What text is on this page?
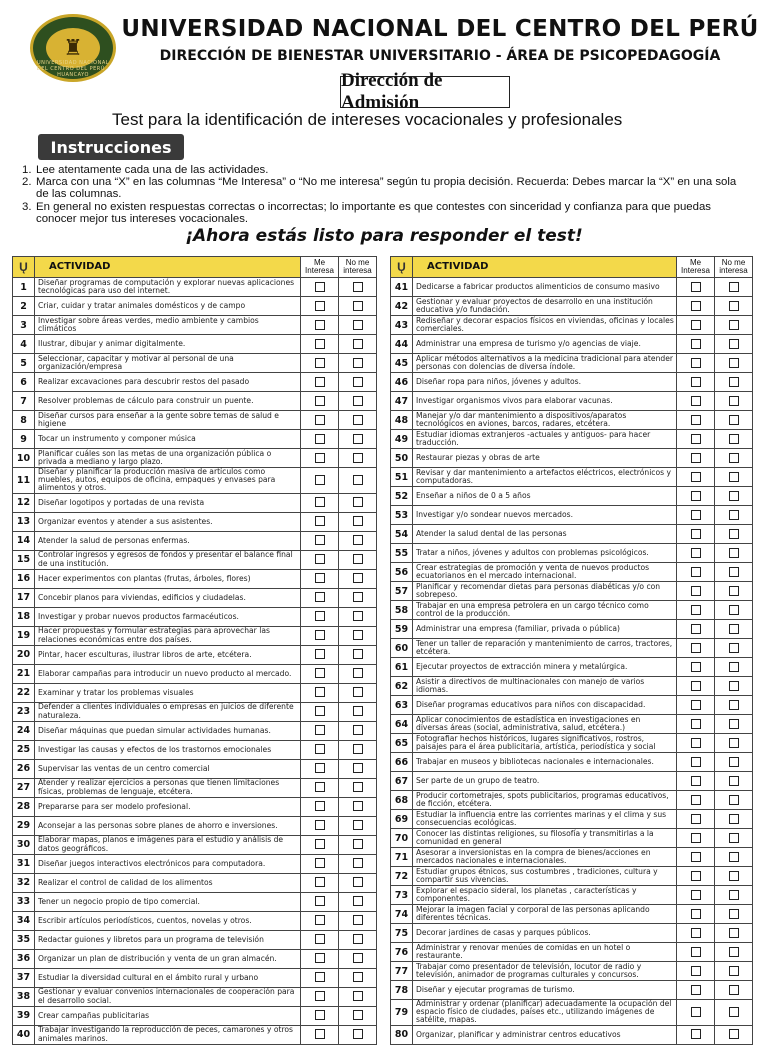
♜
UNIVERSIDAD NACIONAL DEL CENTRO DEL PERÚ · HUANCAYO
UNIVERSIDAD NACIONAL DEL CENTRO DEL PERÚ
DIRECCIÓN DE BIENESTAR UNIVERSITARIO - ÁREA DE PSICOPEDAGOGÍA
Dirección de Admisión
Test para la identificación de intereses vocacionales y profesionales
Instrucciones
1. Lee atentamente cada una de las actividades.
2. Marca con una “X” en las columnas “Me Interesa” o “No me interesa” según tu propia decisión. Recuerda: Debes marcar la “X” en una sola de las columnas.
3. En general no existen respuestas correctas o incorrectas; lo importante es que contestes con sinceridad y confianza para que puedas conocer mejor tus intereses vocacionales.
¡Ahora estás listo para responder el test!
Ų	ACTIVIDAD	Me Interesa	No me interesa
1	Diseñar programas de computación y explorar nuevas aplicaciones tecnológicas para uso del internet.		
2	Criar, cuidar y tratar animales domésticos y de campo		
3	Investigar sobre áreas verdes, medio ambiente y cambios climáticos		
4	Ilustrar, dibujar y animar digitalmente.		
5	Seleccionar, capacitar y motivar al personal de una organización/empresa		
6	Realizar excavaciones para descubrir restos del pasado		
7	Resolver problemas de cálculo para construir un puente.		
8	Diseñar cursos para enseñar a la gente sobre temas de salud e higiene		
9	Tocar un instrumento y componer música		
10	Planificar cuáles son las metas de una organización pública o privada a mediano y largo plazo.		
11	Diseñar y planificar la producción masiva de artículos como muebles, autos, equipos de oficina, empaques y envases para alimentos y otros.		
12	Diseñar logotipos y portadas de una revista		
13	Organizar eventos y atender a sus asistentes.		
14	Atender la salud de personas enfermas.		
15	Controlar ingresos y egresos de fondos y presentar el balance final de una institución.		
16	Hacer experimentos con plantas (frutas, árboles, flores)		
17	Concebir planos para viviendas, edificios y ciudadelas.		
18	Investigar y probar nuevos productos farmacéuticos.		
19	Hacer propuestas y formular estrategias para aprovechar las relaciones económicas entre dos países.		
20	Pintar, hacer esculturas, ilustrar libros de arte, etcétera.		
21	Elaborar campañas para introducir un nuevo producto al mercado.		
22	Examinar y tratar los problemas visuales		
23	Defender a clientes individuales o empresas en juicios de diferente naturaleza.		
24	Diseñar máquinas que puedan simular actividades humanas.		
25	Investigar las causas y efectos de los trastornos emocionales		
26	Supervisar las ventas de un centro comercial		
27	Atender y realizar ejercicios a personas que tienen limitaciones físicas, problemas de lenguaje, etcétera.		
28	Prepararse para ser modelo profesional.		
29	Aconsejar a las personas sobre planes de ahorro e inversiones.		
30	Elaborar mapas, planos e imágenes para el estudio y análisis de datos geográficos.		
31	Diseñar juegos interactivos electrónicos para computadora.		
32	Realizar el control de calidad de los alimentos		
33	Tener un negocio propio de tipo comercial.		
34	Escribir artículos periodísticos, cuentos, novelas y otros.		
35	Redactar guiones y libretos para un programa de televisión		
36	Organizar un plan de distribución y venta de un gran almacén.		
37	Estudiar la diversidad cultural en el ámbito rural y urbano		
38	Gestionar y evaluar convenios internacionales de cooperación para el desarrollo social.		
39	Crear campañas publicitarias		
40	Trabajar investigando la reproducción de peces, camarones y otros animales marinos.		
Ų	ACTIVIDAD	Me Interesa	No me interesa
41	Dedicarse a fabricar productos alimenticios de consumo masivo		
42	Gestionar y evaluar proyectos de desarrollo en una institución educativa y/o fundación.		
43	Rediseñar y decorar espacios físicos en viviendas, oficinas y locales comerciales.		
44	Administrar una empresa de turismo y/o agencias de viaje.		
45	Aplicar métodos alternativos a la medicina tradicional para atender personas con dolencias de diversa índole.		
46	Diseñar ropa para niños, jóvenes y adultos.		
47	Investigar organismos vivos para elaborar vacunas.		
48	Manejar y/o dar mantenimiento a dispositivos/aparatos tecnológicos en aviones, barcos, radares, etcétera.		
49	Estudiar idiomas extranjeros -actuales y antiguos- para hacer traducción.		
50	Restaurar piezas y obras de arte		
51	Revisar y dar mantenimiento a artefactos eléctricos, electrónicos y computadoras.		
52	Enseñar a niños de 0 a 5 años		
53	Investigar y/o sondear nuevos mercados.		
54	Atender la salud dental de las personas		
55	Tratar a niños, jóvenes y adultos con problemas psicológicos.		
56	Crear estrategias de promoción y venta de nuevos productos ecuatorianos en el mercado internacional.		
57	Planificar y recomendar dietas para personas diabéticas y/o con sobrepeso.		
58	Trabajar en una empresa petrolera en un cargo técnico como control de la producción.		
59	Administrar una empresa (familiar, privada o pública)		
60	Tener un taller de reparación y mantenimiento de carros, tractores, etcétera.		
61	Ejecutar proyectos de extracción minera y metalúrgica.		
62	Asistir a directivos de multinacionales con manejo de varios idiomas.		
63	Diseñar programas educativos para niños con discapacidad.		
64	Aplicar conocimientos de estadística en investigaciones en diversas áreas (social, administrativa, salud, etcétera.)		
65	Fotografiar hechos históricos, lugares significativos, rostros, paisajes para el área publicitaria, artística, periodística y social		
66	Trabajar en museos y bibliotecas nacionales e internacionales.		
67	Ser parte de un grupo de teatro.		
68	Producir cortometrajes, spots publicitarios, programas educativos, de ficción, etcétera.		
69	Estudiar la influencia entre las corrientes marinas y el clima y sus consecuencias ecológicas.		
70	Conocer las distintas religiones, su filosofía y transmitirlas a la comunidad en general		
71	Asesorar a inversionistas en la compra de bienes/acciones en mercados nacionales e internacionales.		
72	Estudiar grupos étnicos, sus costumbres , tradiciones, cultura y compartir sus vivencias.		
73	Explorar el espacio sideral, los planetas , características y componentes.		
74	Mejorar la imagen facial y corporal de las personas aplicando diferentes técnicas.		
75	Decorar jardines de casas y parques públicos.		
76	Administrar y renovar menúes de comidas en un hotel o restaurante.		
77	Trabajar como presentador de televisión, locutor de radio y televisión, animador de programas culturales y concursos.		
78	Diseñar y ejecutar programas de turismo.		
79	Administrar y ordenar (planificar) adecuadamente la ocupación del espacio físico de ciudades, países etc., utilizando imágenes de satélite, mapas.		
80	Organizar, planificar y administrar centros educativos		
